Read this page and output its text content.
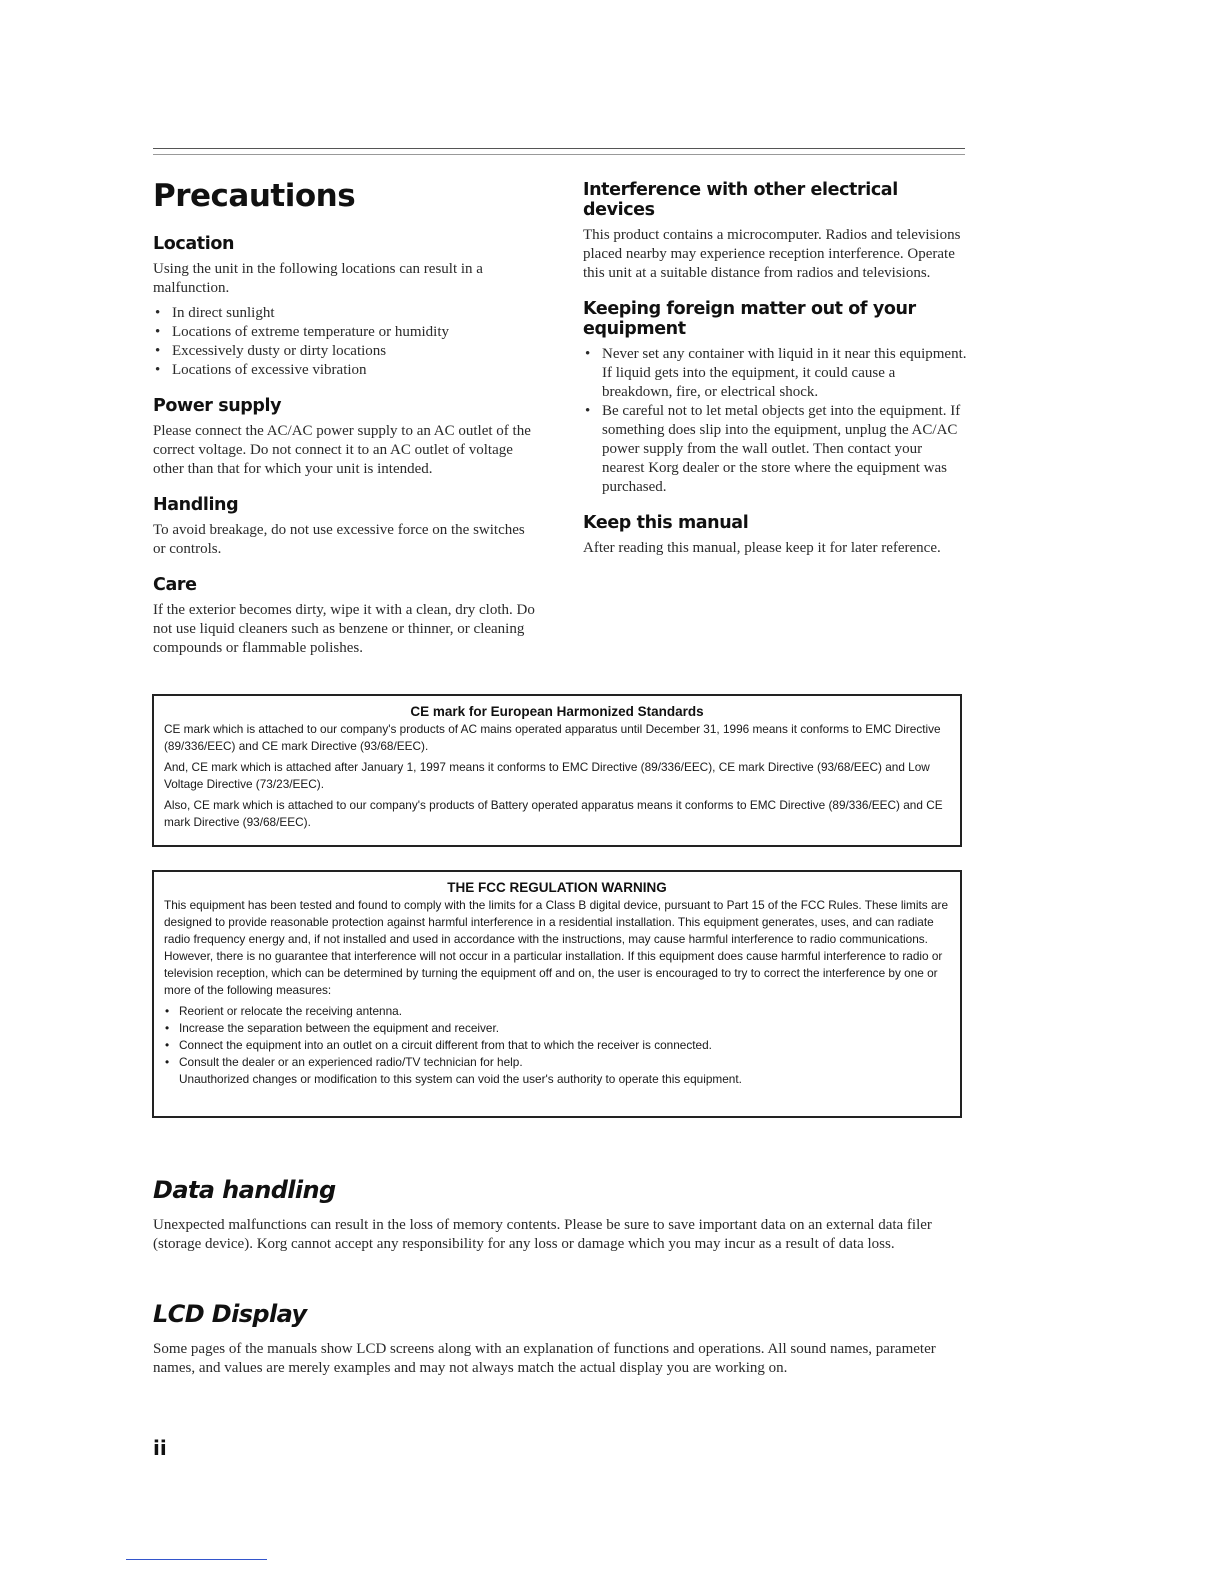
Precautions
Location

Using the unit in the following locations can result in a malfunction.

• In direct sunlight
• Locations of extreme temperature or humidity
• Excessively dusty or dirty locations
• Locations of excessive vibration
Power supply

Please connect the AC/AC power supply to an AC outlet of the correct voltage. Do not connect it to an AC outlet of voltage other than that for which your unit is intended.

Handling

To avoid breakage, do not use excessive force on the switches or controls.

Care

If the exterior becomes dirty, wipe it with a clean, dry cloth. Do not use liquid cleaners such as benzene or thinner, or cleaning compounds or flammable polishes.

Interference with other electrical devices

This product contains a microcomputer. Radios and televisions placed nearby may experience reception interference. Operate this unit at a suitable distance from radios and televisions.

Keeping foreign matter out of your equipment
• Never set any container with liquid in it near this equipment. If liquid gets into the equipment, it could cause a breakdown, fire, or electrical shock.
• Be careful not to let metal objects get into the equipment. If something does slip into the equipment, unplug the AC/AC power supply from the wall outlet. Then contact your nearest Korg dealer or the store where the equipment was purchased.
Keep this manual

After reading this manual, please keep it for later reference.

CE mark for European Harmonized Standards

CE mark which is attached to our company's products of AC mains operated apparatus until December 31, 1996 means it conforms to EMC Directive (89/336/EEC) and CE mark Directive (93/68/EEC).

And, CE mark which is attached after January 1, 1997 means it conforms to EMC Directive (89/336/EEC), CE mark Directive (93/68/EEC) and Low Voltage Directive (73/23/EEC).

Also, CE mark which is attached to our company's products of Battery operated apparatus means it conforms to EMC Directive (89/336/EEC) and CE mark Directive (93/68/EEC).

THE FCC REGULATION WARNING

This equipment has been tested and found to comply with the limits for a Class B digital device, pursuant to Part 15 of the FCC Rules. These limits are designed to provide reasonable protection against harmful interference in a residential installation. This equipment generates, uses, and can radiate radio frequency energy and, if not installed and used in accordance with the instructions, may cause harmful interference to radio communications. However, there is no guarantee that interference will not occur in a particular installation. If this equipment does cause harmful interference to radio or television reception, which can be determined by turning the equipment off and on, the user is encouraged to try to correct the interference by one or more of the following measures:

• Reorient or relocate the receiving antenna.
• Increase the separation between the equipment and receiver.
• Connect the equipment into an outlet on a circuit different from that to which the receiver is connected.
• Consult the dealer or an experienced radio/TV technician for help.

Unauthorized changes or modification to this system can void the user's authority to operate this equipment.

Data handling

Unexpected malfunctions can result in the loss of memory contents. Please be sure to save important data on an external data filer (storage device). Korg cannot accept any responsibility for any loss or damage which you may incur as a result of data loss.

LCD Display

Some pages of the manuals show LCD screens along with an explanation of functions and operations. All sound names, parameter names, and values are merely examples and may not always match the actual display you are working on.

ii
